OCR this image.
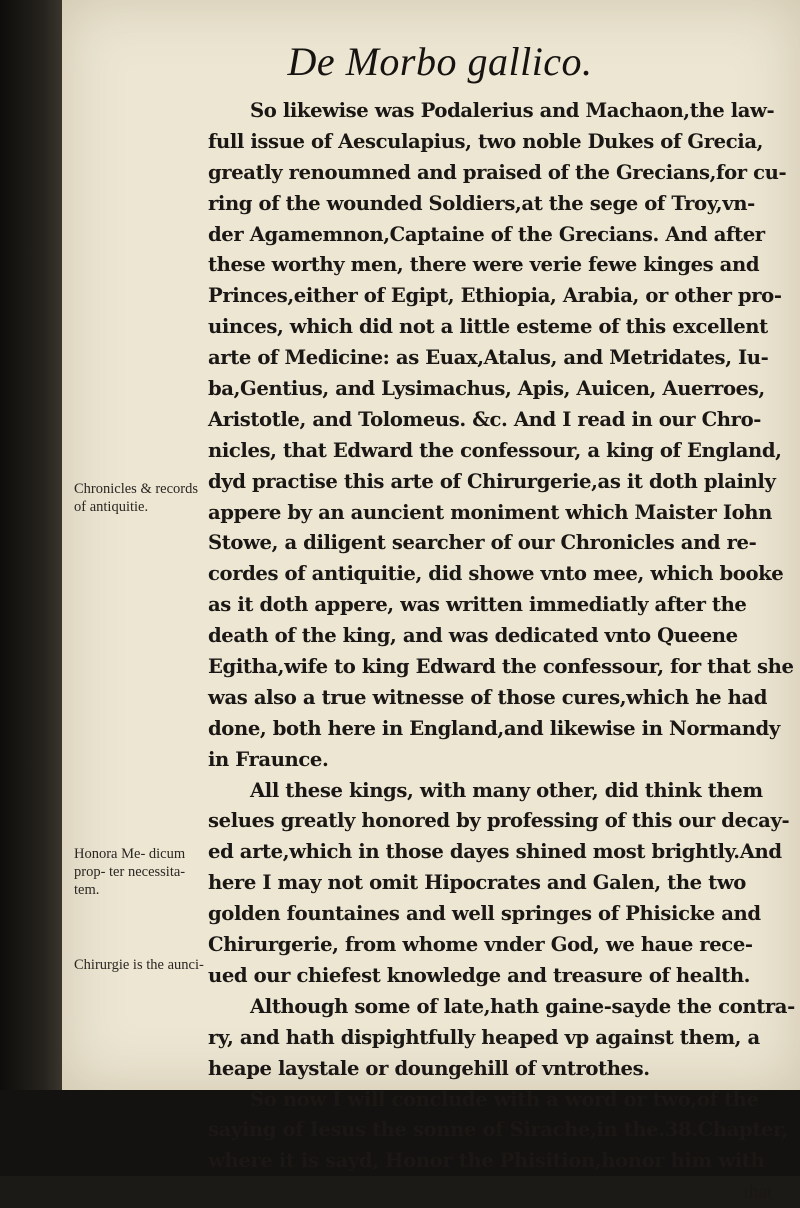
De Morbo gallico.
Chronicles & records of antiquitie.
Honora Me- dicum prop- ter necessita- tem.
Chirurgie is the aunci-
So likewise was Podalerius and Machaon,the law-
full issue of Aesculapius, two noble Dukes of Grecia,
greatly renoumned and praised of the Grecians,for cu-
ring of the wounded Soldiers,at the sege of Troy,vn-
der Agamemnon,Captaine of the Grecians. And after
these worthy men, there were verie fewe kinges and
Princes,either of Egipt, Ethiopia, Arabia, or other pro-
uinces, which did not a little esteme of this excellent
arte of Medicine: as Euax,Atalus, and Metridates, Iu-
ba,Gentius, and Lysimachus, Apis, Auicen, Auerroes,
Aristotle, and Tolomeus. &c. And I read in our Chro-
nicles, that Edward the confessour, a king of England,
dyd practise this arte of Chirurgerie,as it doth plainly
appere by an auncient moniment which Maister Iohn
Stowe, a diligent searcher of our Chronicles and re-
cordes of antiquitie, did showe vnto mee, which booke
as it doth appere, was written immediatly after the
death of the king, and was dedicated vnto Queene
Egitha,wife to king Edward the confessour, for that she
was also a true witnesse of those cures,which he had
done, both here in England,and likewise in Normandy
in Fraunce.
All these kings, with many other, did think them
selues greatly honored by professing of this our decay-
ed arte,which in those dayes shined most brightly.And
here I may not omit Hipocrates and Galen, the two
golden fountaines and well springes of Phisicke and
Chirurgerie, from whome vnder God, we haue rece-
ued our chiefest knowledge and treasure of health.
Although some of late,hath gaine-sayde the contra-
ry, and hath dispightfully heaped vp against them, a
heape laystale or doungehill of vntrothes.
So now I will conclude with a word or two,of the
saying of Iesus the sonne of Sirache,in the.38.Chapter,
where it is sayd, Honor the Phisition,honor him with
that
